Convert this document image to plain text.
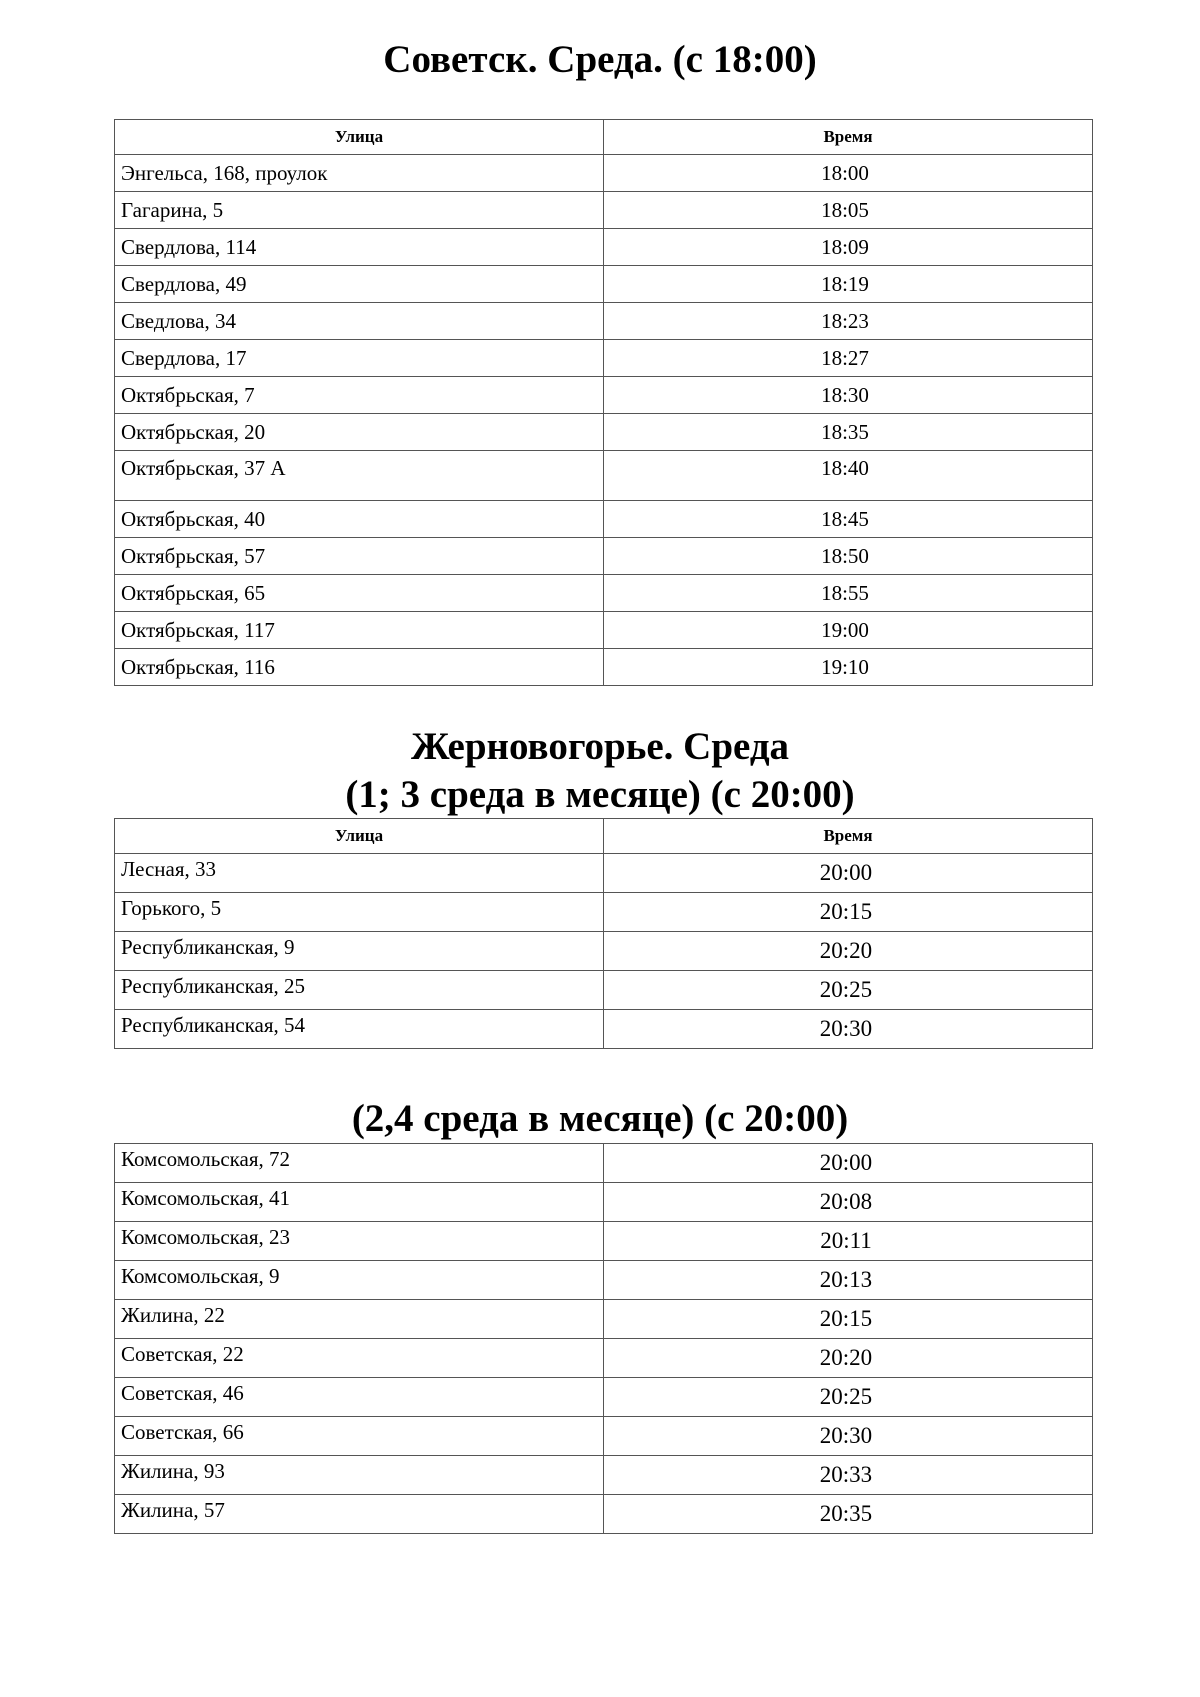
Советск. Среда. (с 18:00)
Улица	Время
Энгельса, 168, проулок	18:00
Гагарина, 5	18:05
Свердлова, 114	18:09
Свердлова, 49	18:19
Сведлова, 34	18:23
Свердлова, 17	18:27
Октябрьская, 7	18:30
Октябрьская, 20	18:35
Октябрьская, 37 А	18:40
Октябрьская, 40	18:45
Октябрьская, 57	18:50
Октябрьская, 65	18:55
Октябрьская, 117	19:00
Октябрьская, 116	19:10
Жерновогорье. Среда
(1; 3 среда в месяце) (с 20:00)
Улица	Время
Лесная, 33	20:00
Горького, 5	20:15
Республиканская, 9	20:20
Республиканская, 25	20:25
Республиканская, 54	20:30
(2,4 среда в месяце) (с 20:00)
Комсомольская, 72	20:00
Комсомольская, 41	20:08
Комсомольская, 23	20:11
Комсомольская, 9	20:13
Жилина, 22	20:15
Советская, 22	20:20
Советская, 46	20:25
Советская, 66	20:30
Жилина, 93	20:33
Жилина, 57	20:35
